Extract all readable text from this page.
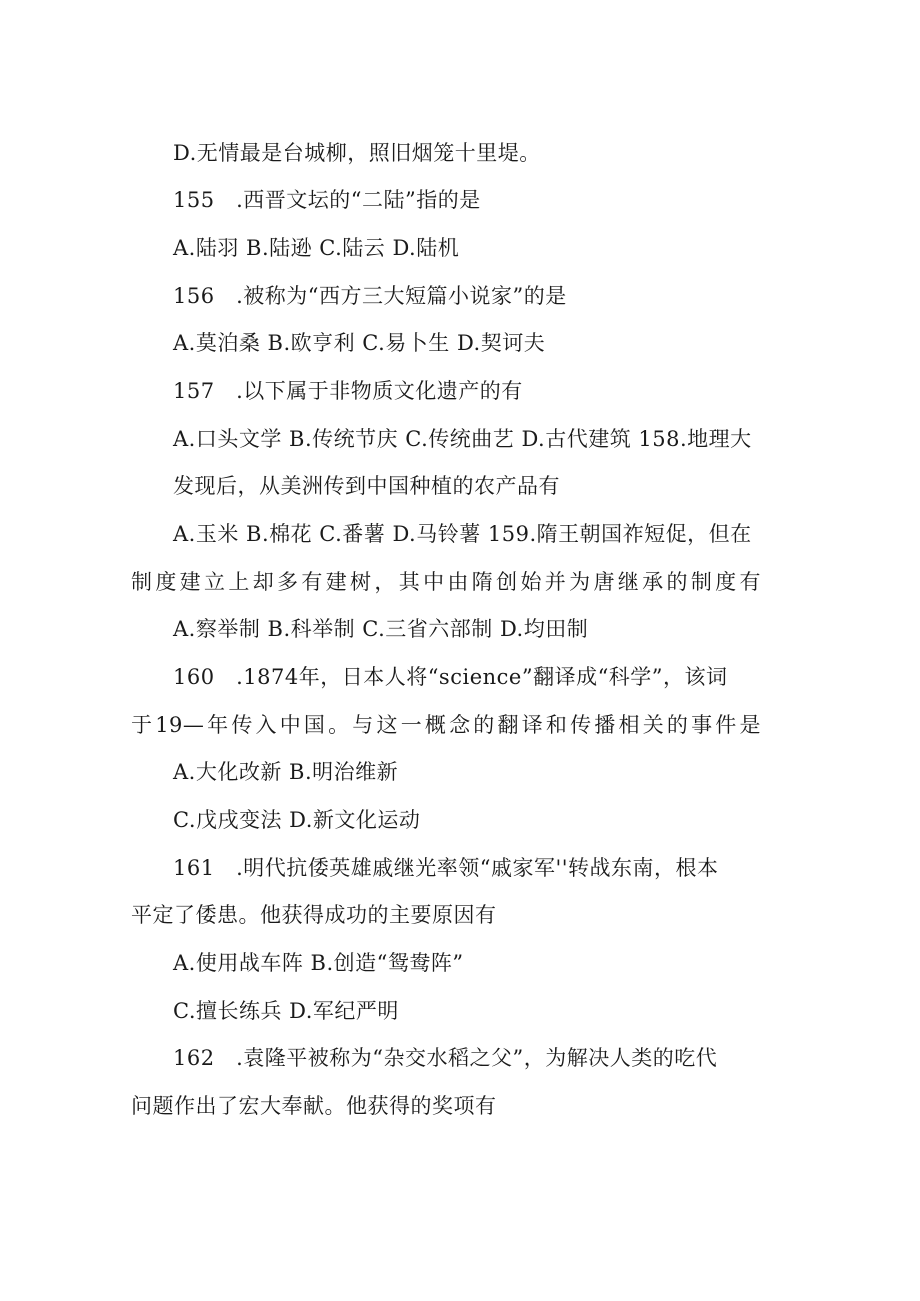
D.无情最是台城柳，照旧烟笼十里堤。
155　.西晋文坛的“二陆”指的是
A.陆羽 B.陆逊 C.陆云 D.陆机
156　.被称为“西方三大短篇小说家”的是
A.莫泊桑 B.欧亨利 C.易卜生 D.契诃夫
157　.以下属于非物质文化遗产的有
A.口头文学 B.传统节庆 C.传统曲艺 D.古代建筑 158.地理大
发现后，从美洲传到中国种植的农产品有
A.玉米 B.棉花 C.番薯 D.马铃薯 159.隋王朝国祚短促，但在
制度建立上却多有建树，其中由隋创始并为唐继承的制度有
A.察举制 B.科举制 C.三省六部制 D.均田制
160　.1874年，日本人将“science”翻译成“科学”，该词
于19—年传入中国。与这一概念的翻译和传播相关的事件是
A.大化改新 B.明治维新
C.戊戌变法 D.新文化运动
161　.明代抗倭英雄戚继光率领“戚家军''转战东南，根本
平定了倭患。他获得成功的主要原因有
A.使用战车阵 B.创造“鸳鸯阵”
C.擅长练兵 D.军纪严明
162　.袁隆平被称为“杂交水稻之父”，为解决人类的吃代
问题作出了宏大奉献。他获得的奖项有
